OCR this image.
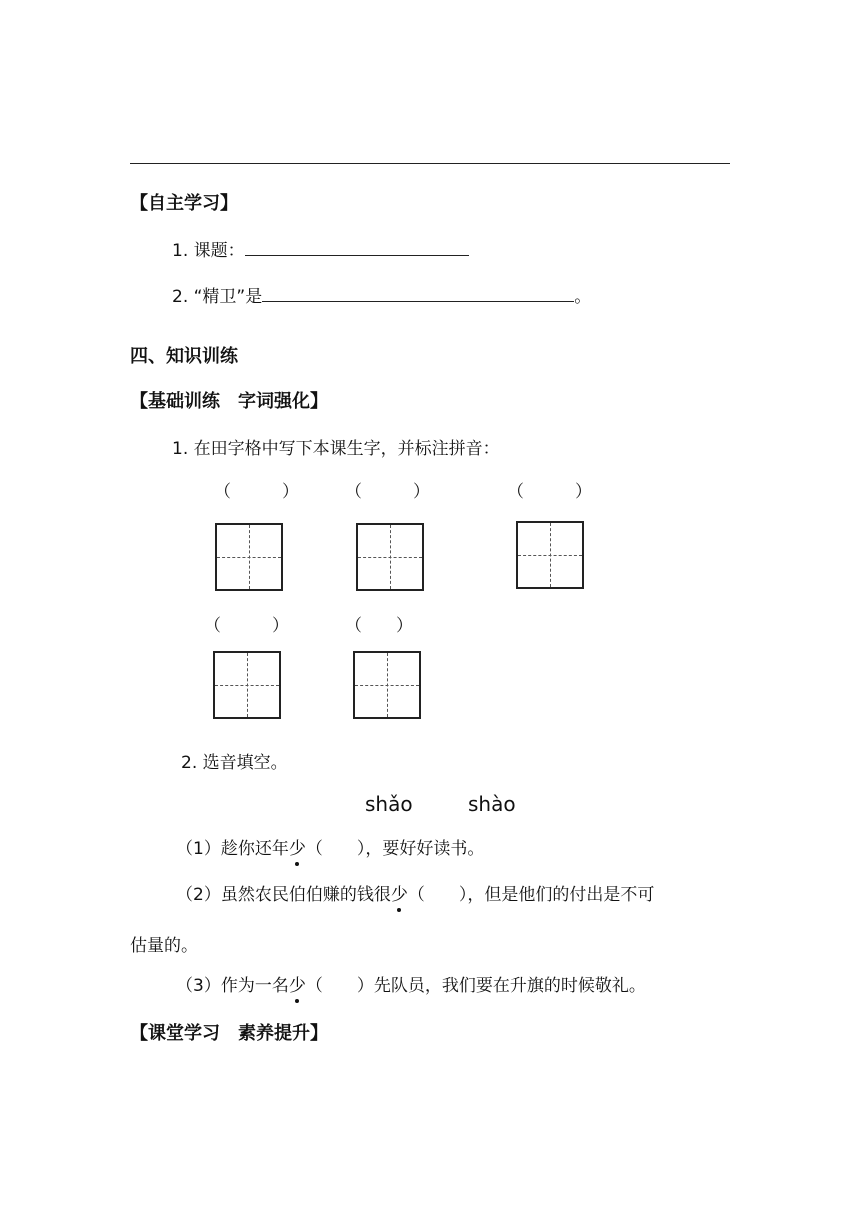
【自主学习】
1. 课题：
2. “精卫”是	。
四、知识训练
【基础训练　字词强化】
1. 在田字格中写下本课生字，并标注拼音：
（　　　）	（　　　）	（　　　）
（　　　）	（　　）
2. 选音填空。
shǎo	shào
（1）趁你还年少（　　），要好好读书。
（2）虽然农民伯伯赚的钱很少（　　），但是他们的付出是不可
估量的。
（3）作为一名少（　　）先队员，我们要在升旗的时候敬礼。
【课堂学习　素养提升】
